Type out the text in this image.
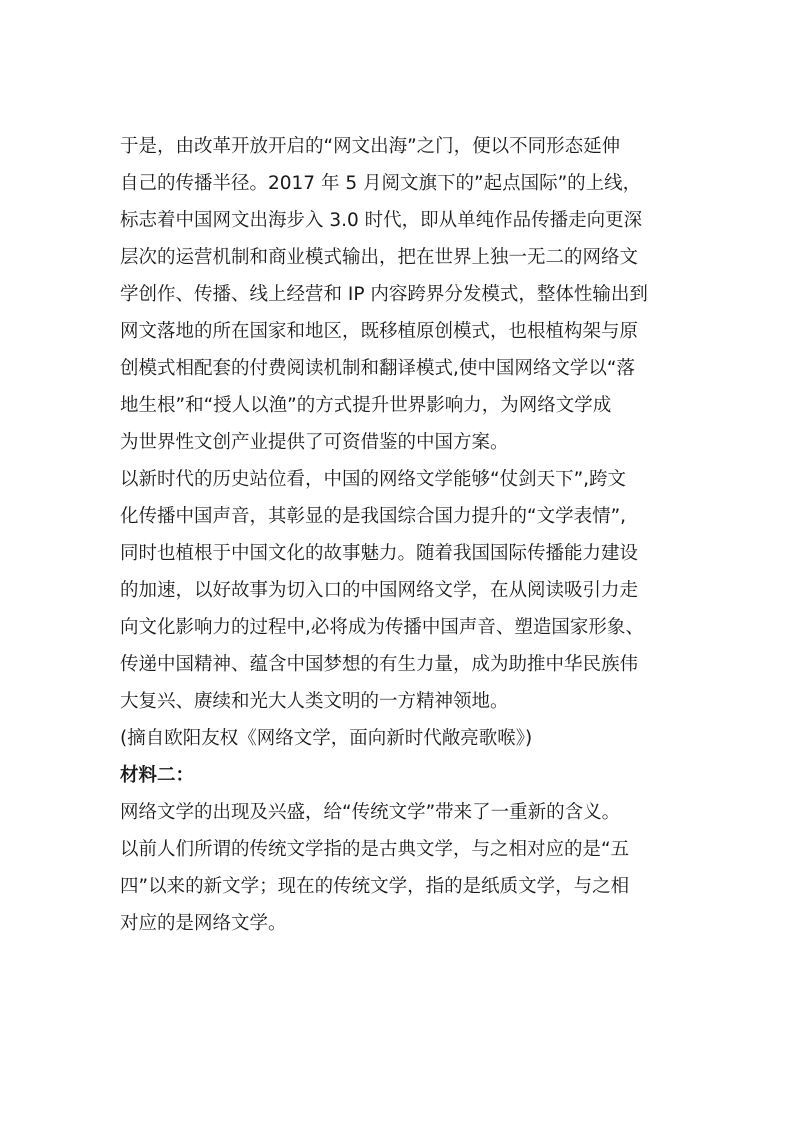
于是，由改革开放开启的“网文出海”之门，便以不同形态延伸
自己的传播半径。2017 年 5 月阅文旗下的”起点国际”的上线，
标志着中国网文出海步入 3.0 时代，即从单纯作品传播走向更深
层次的运营机制和商业模式输出，把在世界上独一无二的网络文
学创作、传播、线上经营和 IP 内容跨界分发模式，整体性输出到
网文落地的所在国家和地区，既移植原创模式，也根植构架与原
创模式相配套的付费阅读机制和翻译模式,使中国网络文学以“落
地生根”和“授人以渔”的方式提升世界影响力，为网络文学成
为世界性文创产业提供了可资借鉴的中国方案。
以新时代的历史站位看，中国的网络文学能够“仗剑天下”,跨文
化传播中国声音，其彰显的是我国综合国力提升的“文学表情”,
同时也植根于中国文化的故事魅力。随着我国国际传播能力建设
的加速，以好故事为切入口的中国网络文学，在从阅读吸引力走
向文化影响力的过程中,必将成为传播中国声音、塑造国家形象、
传递中国精神、蕴含中国梦想的有生力量，成为助推中华民族伟
大复兴、赓续和光大人类文明的一方精神领地。
(摘自欧阳友权《网络文学，面向新时代敞亮歌喉》)
材料二：
网络文学的出现及兴盛，给“传统文学”带来了一重新的含义。
以前人们所谓的传统文学指的是古典文学，与之相对应的是“五
四”以来的新文学；现在的传统文学，指的是纸质文学，与之相
对应的是网络文学。
